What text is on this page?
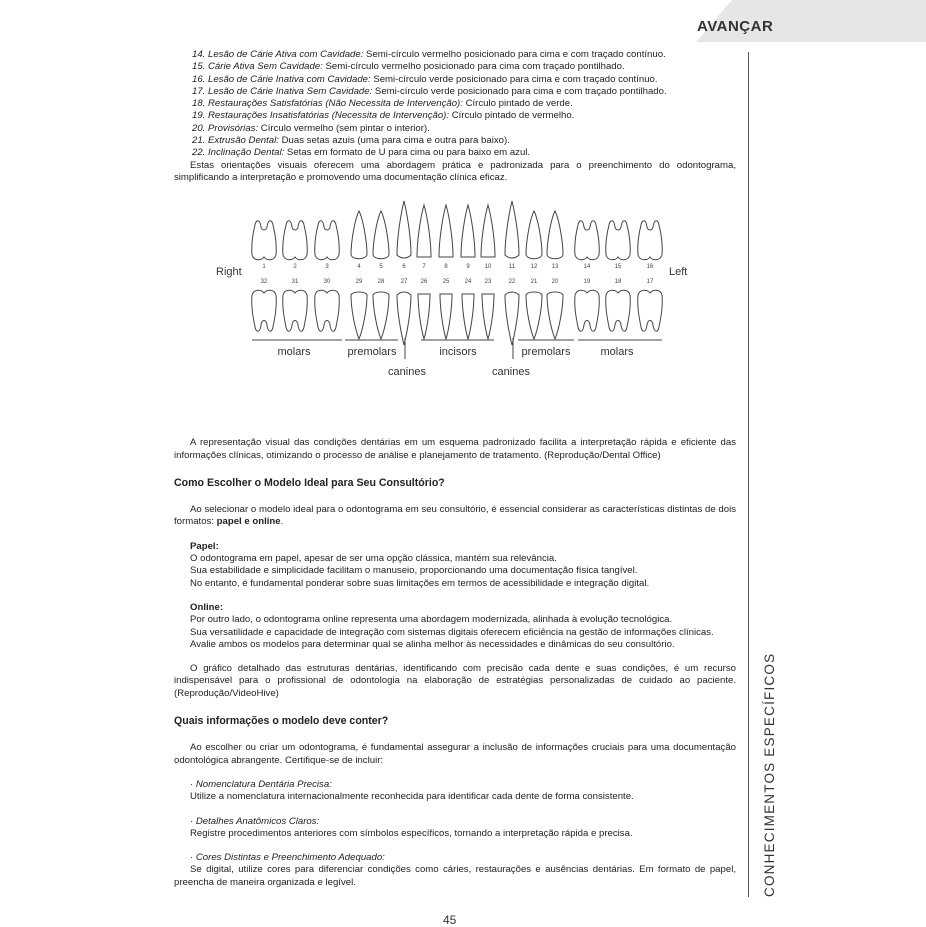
AVANÇAR
CONHECIMENTOS ESPECÍFICOS

14. Lesão de Cárie Ativa com Cavidade: Semi-círculo vermelho posicionado para cima e com traçado contínuo.

15. Cárie Ativa Sem Cavidade: Semi-círculo vermelho posicionado para cima com traçado pontilhado.

16. Lesão de Cárie Inativa com Cavidade: Semi-círculo verde posicionado para cima e com traçado contínuo.

17. Lesão de Cárie Inativa Sem Cavidade: Semi-círculo verde posicionado para cima e com traçado pontilhado.

18. Restaurações Satisfatórias (Não Necessita de Intervenção): Círculo pintado de verde.

19. Restaurações Insatisfatórias (Necessita de Intervenção): Círculo pintado de vermelho.

20. Provisórias: Círculo vermelho (sem pintar o interior).

21. Extrusão Dental: Duas setas azuis (uma para cima e outra para baixo).

22. Inclinação Dental: Setas em formato de U para cima ou para baixo em azul.

Estas orientações visuais oferecem uma abordagem prática e padronizada para o preenchimento do odontograma, simplificando a interpretação e promovendo uma documentação clínica eficaz.

Right	Left
1	2	3	4	5	6	7	8	9 10	11	12 13	14	15	16
32	31	30	29	28	27 26	25	24 23	22	21 20	19	18	17
molars	premolars
canines
incisors
canines
premolars	molars

A representação visual das condições dentárias em um esquema padronizado facilita a interpretação rápida e eficiente das informações clínicas, otimizando o processo de análise e planejamento de tratamento. (Reprodução/Dental Office)

Como Escolher o Modelo Ideal para Seu Consultório?

Ao selecionar o modelo ideal para o odontograma em seu consultório, é essencial considerar as características distintas de dois formatos: papel e online.

Papel:

O odontograma em papel, apesar de ser uma opção clássica, mantém sua relevância.

Sua estabilidade e simplicidade facilitam o manuseio, proporcionando uma documentação física tangível.

No entanto, é fundamental ponderar sobre suas limitações em termos de acessibilidade e integração digital.

Online:

Por outro lado, o odontograma online representa uma abordagem modernizada, alinhada à evolução tecnológica.

Sua versatilidade e capacidade de integração com sistemas digitais oferecem eficiência na gestão de informações clínicas.

Avalie ambos os modelos para determinar qual se alinha melhor às necessidades e dinâmicas do seu consultório.

O gráfico detalhado das estruturas dentárias, identificando com precisão cada dente e suas condições, é um recurso indispensável para o profissional de odontologia na elaboração de estratégias personalizadas de cuidado ao paciente. (Reprodução/VideoHive)

Quais informações o modelo deve conter?

Ao escolher ou criar um odontograma, é fundamental assegurar a inclusão de informações cruciais para uma documentação odontológica abrangente. Certifique-se de incluir:

· Nomenclatura Dentária Precisa:

Utilize a nomenclatura internacionalmente reconhecida para identificar cada dente de forma consistente.

· Detalhes Anatômicos Claros:

Registre procedimentos anteriores com símbolos específicos, tornando a interpretação rápida e precisa.

· Cores Distintas e Preenchimento Adequado:

Se digital, utilize cores para diferenciar condições como cáries, restaurações e ausências dentárias. Em formato de papel, preencha de maneira organizada e legível.

45
